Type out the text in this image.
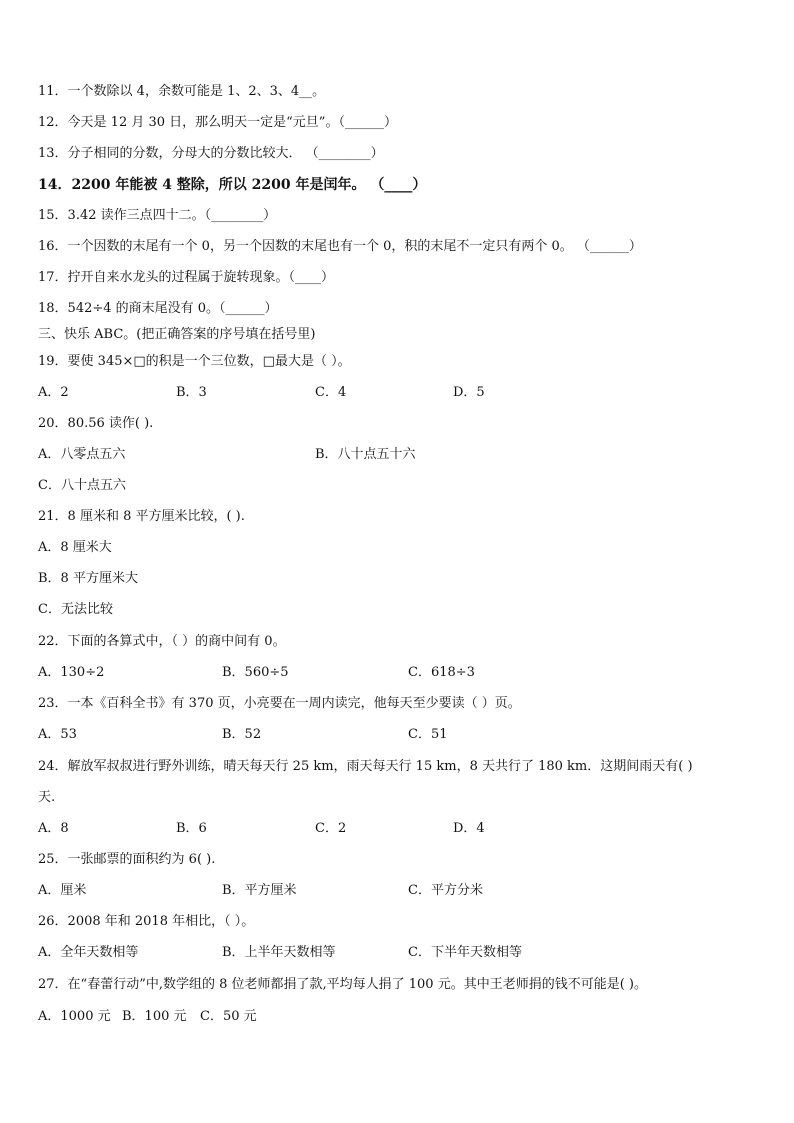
11．一个数除以 4，余数可能是 1、2、3、4__。
12．今天是 12 月 30 日，那么明天一定是“元旦”。（______）
13．分子相同的分数，分母大的分数比较大． （________）
14．2200 年能被 4 整除，所以 2200 年是闰年。 （____）
15．3.42 读作三点四十二。（________）
16．一个因数的末尾有一个 0，另一个因数的末尾也有一个 0，积的末尾不一定只有两个 0。 （______）
17．拧开自来水龙头的过程属于旋转现象。（____）
18．542÷4 的商末尾没有 0。（______）
三、快乐 ABC。(把正确答案的序号填在括号里)
19．要使 345×□的积是一个三位数，□最大是（ ）。
A．2	B．3	C．4	D．5
20．80.56 读作( ).
A．八零点五六	B．八十点五十六
C．八十点五六
21．8 厘米和 8 平方厘米比较，( ).
A．8 厘米大
B．8 平方厘米大
C．无法比较
22．下面的各算式中，（ ）的商中间有 0。
A．130÷2	B．560÷5	C．618÷3
23．一本《百科全书》有 370 页，小亮要在一周内读完，他每天至少要读（ ）页。
A．53	B．52	C．51
24．解放军叔叔进行野外训练，晴天每天行 25 km，雨天每天行 15 km，8 天共行了 180 km．这期间雨天有( )
天.
A．8	B．6	C．2	D．4
25．一张邮票的面积约为 6( ).
A．厘米	B．平方厘米	C．平方分米
26．2008 年和 2018 年相比，（ ）。
A．全年天数相等	B．上半年天数相等	C．下半年天数相等
27．在“春蕾行动”中,数学组的 8 位老师都捐了款,平均每人捐了 100 元。其中王老师捐的钱不可能是( )。
A．1000 元 B．100 元 C．50 元
